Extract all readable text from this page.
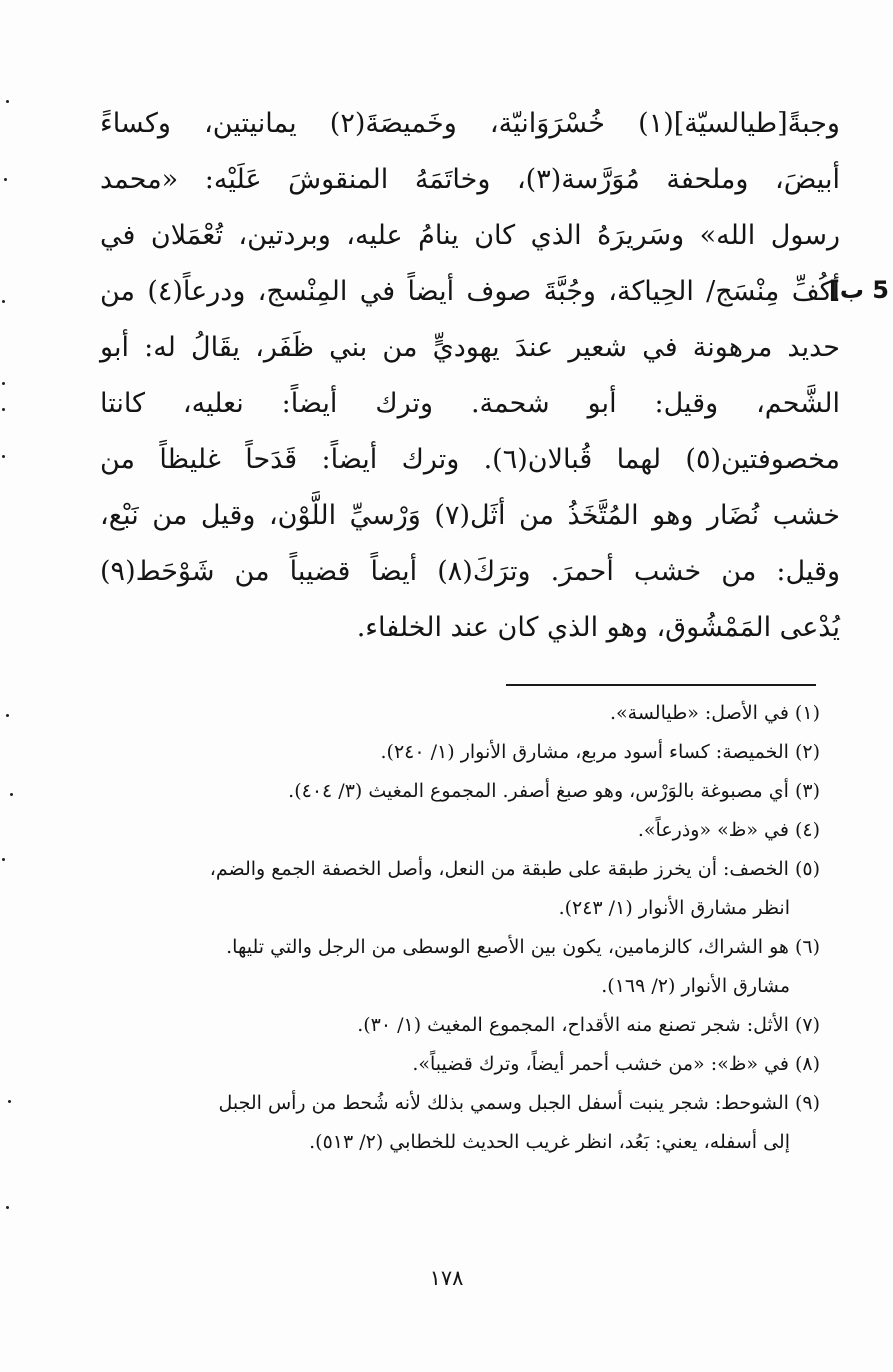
5 ب]
وجبةً[طيالسيّة](١) خُسْرَوَانيّة، وخَميصَةَ(٢) يمانيتين، وكساءً
أبيضَ، وملحفة مُوَرَّسة(٣)، وخاتَمَهُ المنقوشَ عَلَيْه: «محمد
رسول الله» وسَريرَهُ الذي كان ينامُ عليه، وبردتين، تُعْمَلان في
أكُفِّ مِنْسَج/ الحِياكة، وجُبَّةَ صوف أيضاً في المِنْسج، ودرعاً(٤) من
حديد مرهونة في شعير عندَ يهوديٍّ من بني ظَفَر، يقَالُ له: أبو
الشَّحم، وقيل: أبو شحمة. وترك أيضاً: نعليه، كانتا
مخصوفتين(٥) لهما قُبالان(٦). وترك أيضاً: قَدَحاً غليظاً من
خشب نُضَار وهو المُتَّخَذُ من أثَل(٧) وَرْسيِّ اللَّوْن، وقيل من نَبْع،
وقيل: من خشب أحمرَ. وترَكَ(٨) أيضاً قضيباً من شَوْحَط(٩)
يُدْعى المَمْشُوق، وهو الذي كان عند الخلفاء.
(١) في الأصل: «طيالسة».
(٢) الخميصة: كساء أسود مربع، مشارق الأنوار (١/ ٢٤٠).
(٣) أي مصبوغة بالوَرْس، وهو صبغ أصفر. المجموع المغيث (٣/ ٤٠٤).
(٤) في «ظ» «وذرعاً».
(٥) الخصف: أن يخرز طبقة على طبقة من النعل، وأصل الخصفة الجمع والضم،
انظر مشارق الأنوار (١/ ٢٤٣).
(٦) هو الشراك، كالزمامين، يكون بين الأصبع الوسطى من الرجل والتي تليها.
مشارق الأنوار (٢/ ١٦٩).
(٧) الأثل: شجر تصنع منه الأقداح، المجموع المغيث (١/ ٣٠).
(٨) في «ظ»: «من خشب أحمر أيضاً، وترك قضيباً».
(٩) الشوحط: شجر ينبت أسفل الجبل وسمي بذلك لأنه شُحط من رأس الجبل
إلى أسفله، يعني: بَعُد، انظر غريب الحديث للخطابي (٢/ ٥١٣).
١٧٨
